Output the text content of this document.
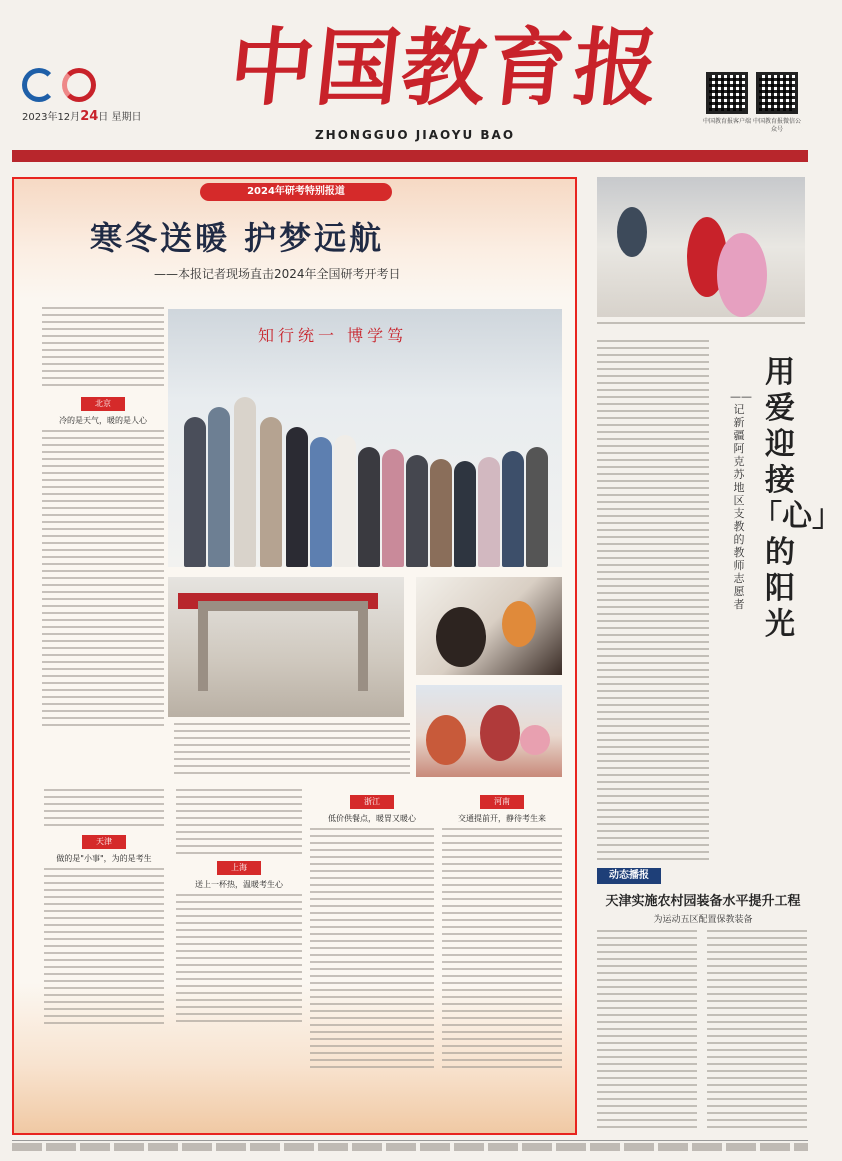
2023年12月24日 星期日
中国教育报
ZHONGGUO JIAOYU BAO
中国教育报客户端 中国教育报微信公众号
2024年研考特别报道
寒冬送暖 护梦远航
——本报记者现场直击2024年全国研考开考日
北京
冷的是天气，暖的是人心
知行统一 博学笃
天津
做的是"小事"，为的是考生
上海
送上一杯热，温暖考生心
浙江
低价供餐点，暖胃又暖心
河南
交通提前开，静待考生来
用爱迎接「心」的阳光
——记新疆阿克苏地区支教的教师志愿者
动态播报
天津实施农村园装备水平提升工程
为运动五区配置保教装备
